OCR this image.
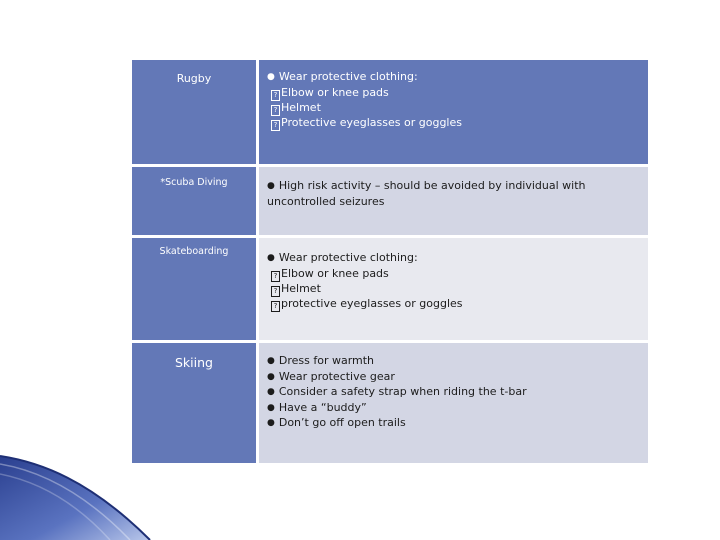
Rugby	● Wear protective clothing:
? Elbow or knee pads
? Helmet
? Protective eyeglasses or goggles
*Scuba Diving	● High risk activity – should be avoided by individual with
uncontrolled seizures
Skateboarding	● Wear protective clothing:
? Elbow or knee pads
? Helmet
? protective eyeglasses or goggles
Skiing	● Dress for warmth
● Wear protective gear
● Consider a safety strap when riding the t-bar
● Have a “buddy”
● Don’t go off open trails
